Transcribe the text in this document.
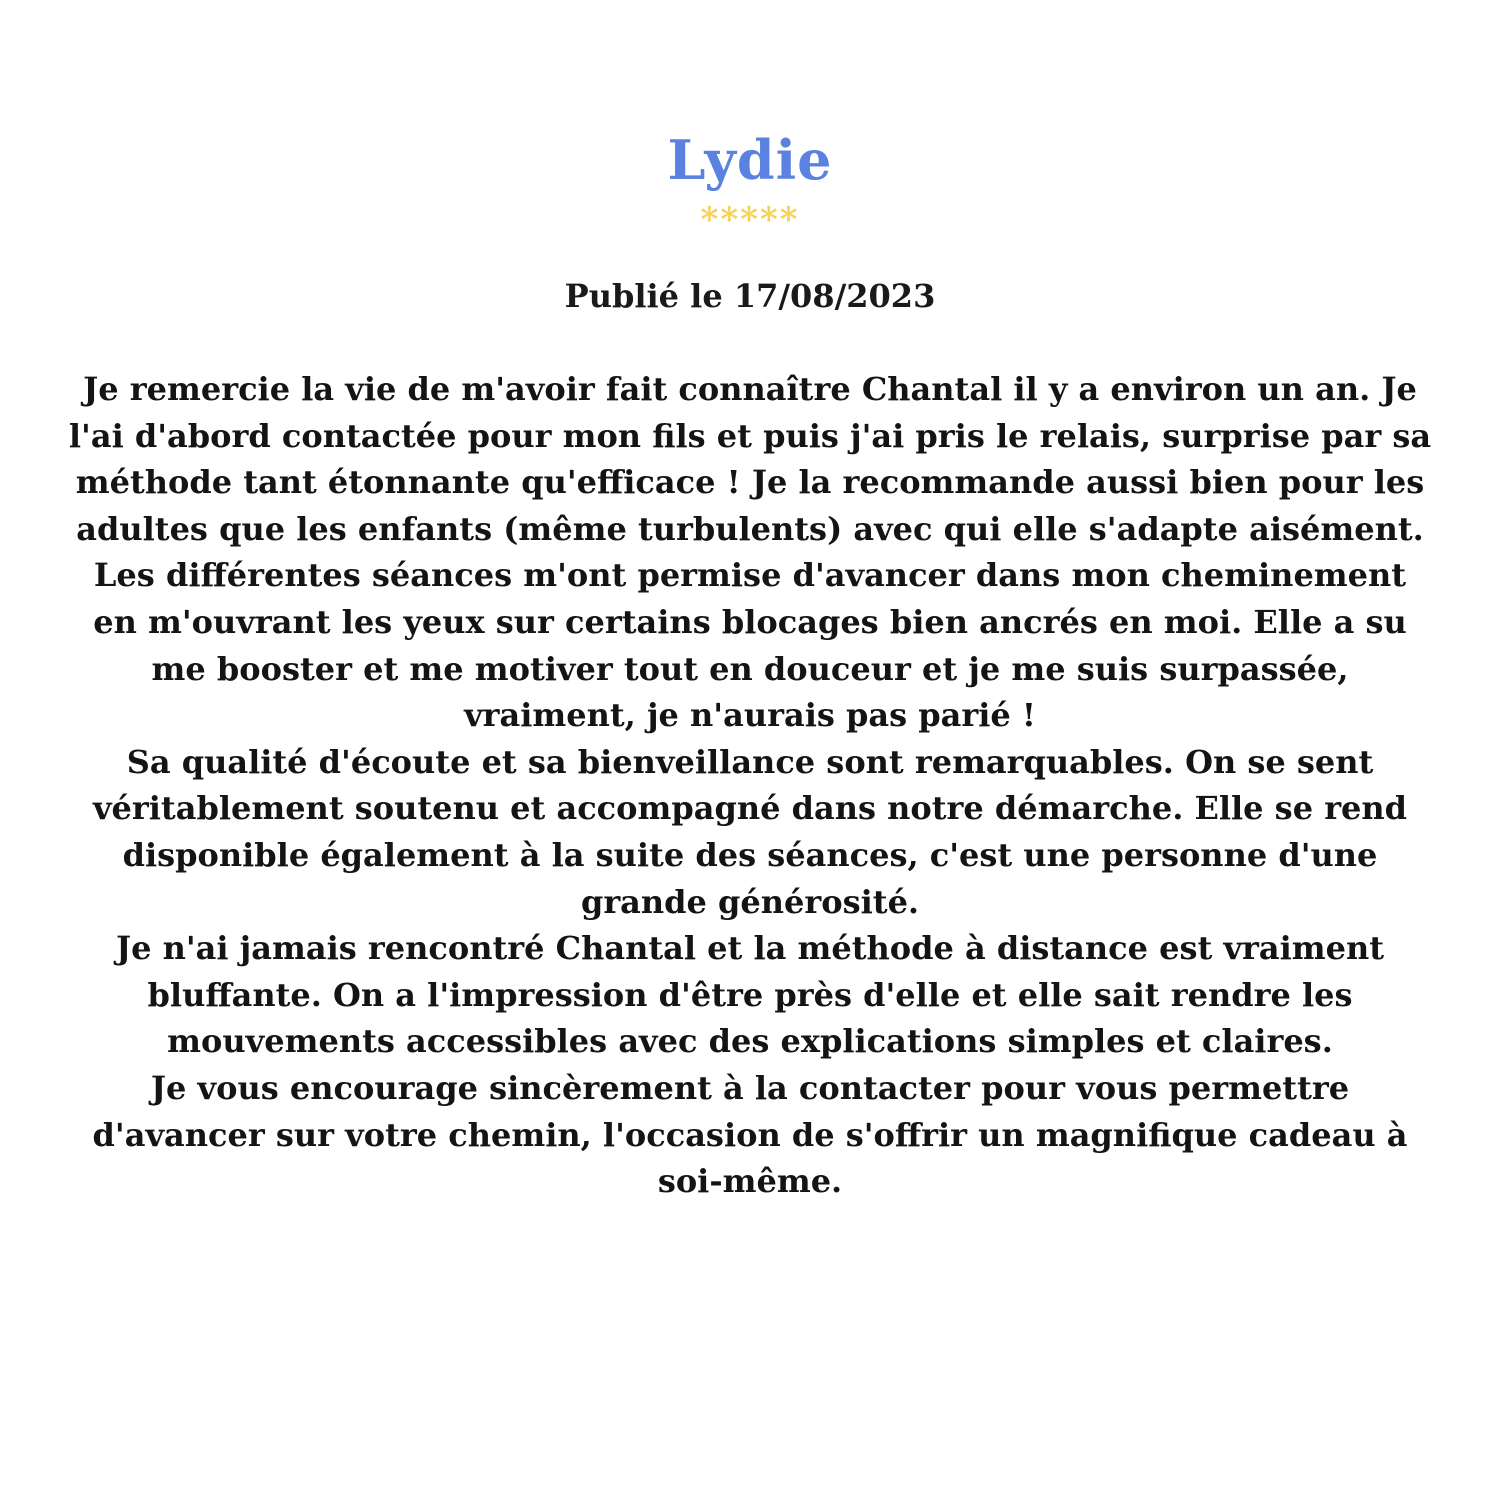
Lydie
*****
Publié le 17/08/2023
Je remercie la vie de m'avoir fait connaître Chantal il y a environ un an. Je
l'ai d'abord contactée pour mon fils et puis j'ai pris le relais, surprise par sa
méthode tant étonnante qu'efficace ! Je la recommande aussi bien pour les
adultes que les enfants (même turbulents) avec qui elle s'adapte aisément.
Les différentes séances m'ont permise d'avancer dans mon cheminement
en m'ouvrant les yeux sur certains blocages bien ancrés en moi. Elle a su
me booster et me motiver tout en douceur et je me suis surpassée,
vraiment, je n'aurais pas parié !
Sa qualité d'écoute et sa bienveillance sont remarquables. On se sent
véritablement soutenu et accompagné dans notre démarche. Elle se rend
disponible également à la suite des séances, c'est une personne d'une
grande générosité.
Je n'ai jamais rencontré Chantal et la méthode à distance est vraiment
bluffante. On a l'impression d'être près d'elle et elle sait rendre les
mouvements accessibles avec des explications simples et claires.
Je vous encourage sincèrement à la contacter pour vous permettre
d'avancer sur votre chemin, l'occasion de s'offrir un magnifique cadeau à
soi-même.
